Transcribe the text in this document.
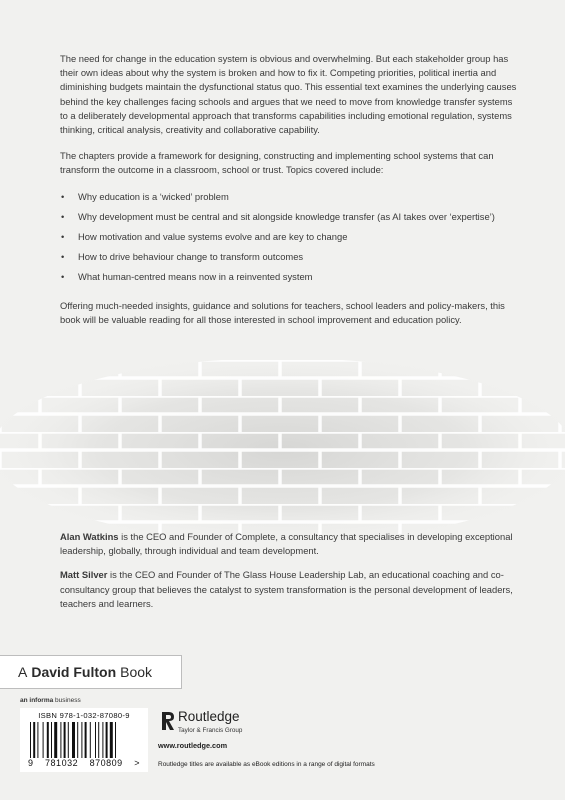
The need for change in the education system is obvious and overwhelming. But each stakeholder group has their own ideas about why the system is broken and how to fix it. Competing priorities, political inertia and diminishing budgets maintain the dysfunctional status quo. This essential text examines the underlying causes behind the key challenges facing schools and argues that we need to move from knowledge transfer systems to a deliberately developmental approach that transforms capabilities including emotional regulation, systems thinking, critical analysis, creativity and collaborative capability.

The chapters provide a framework for designing, constructing and implementing school systems that can transform the outcome in a classroom, school or trust. Topics covered include:

• Why education is a ‘wicked’ problem
• Why development must be central and sit alongside knowledge transfer (as AI takes over ‘expertise’)
• How motivation and value systems evolve and are key to change
• How to drive behaviour change to transform outcomes
• What human-centred means now in a reinvented system

Offering much-needed insights, guidance and solutions for teachers, school leaders and policy-makers, this book will be valuable reading for all those interested in school improvement and education policy.

Alan Watkins is the CEO and Founder of Complete, a consultancy that specialises in developing exceptional leadership, globally, through individual and team development.

Matt Silver is the CEO and Founder of The Glass House Leadership Lab, an educational coaching and co-consultancy group that believes the catalyst to system transformation is the personal development of leaders, teachers and learners.

A David Fulton Book
an informa business
ISBN 978-1-032-87080-9
9 781032 870809 >
Routledge
Taylor & Francis Group
www.routledge.com
Routledge titles are available as eBook editions in a range of digital formats
